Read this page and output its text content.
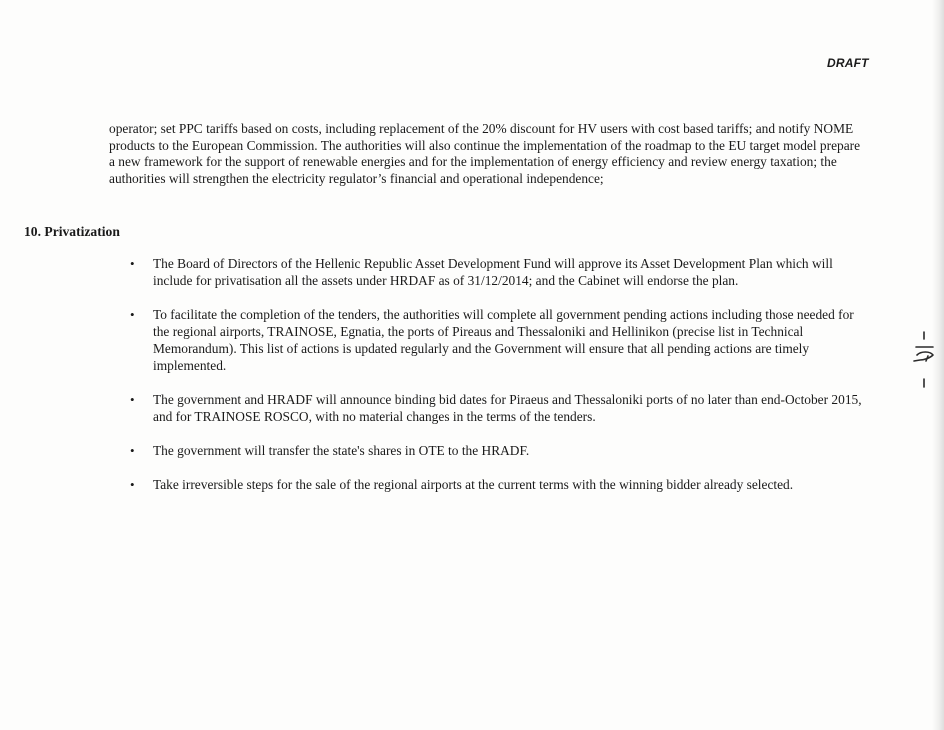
DRAFT

operator; set PPC tariffs based on costs, including replacement of the 20% discount for HV users with cost based tariffs; and notify NOME products to the European Commission. The authorities will also continue the implementation of the roadmap to the EU target model prepare a new framework for the support of renewable energies and for the implementation of energy efficiency and review energy taxation; the authorities will strengthen the electricity regulator’s financial and operational independence;

10. Privatization
• The Board of Directors of the Hellenic Republic Asset Development Fund will approve its Asset Development Plan which will include for privatisation all the assets under HRDAF as of 31/12/2014; and the Cabinet will endorse the plan.
• To facilitate the completion of the tenders, the authorities will complete all government pending actions including those needed for the regional airports, TRAINOSE, Egnatia, the ports of Pireaus and Thessaloniki and Hellinikon (precise list in Technical Memorandum). This list of actions is updated regularly and the Government will ensure that all pending actions are timely implemented.
• The government and HRADF will announce binding bid dates for Piraeus and Thessaloniki ports of no later than end-October 2015, and for TRAINOSE ROSCO, with no material changes in the terms of the tenders.
• The government will transfer the state's shares in OTE to the HRADF.
• Take irreversible steps for the sale of the regional airports at the current terms with the winning bidder already selected.
